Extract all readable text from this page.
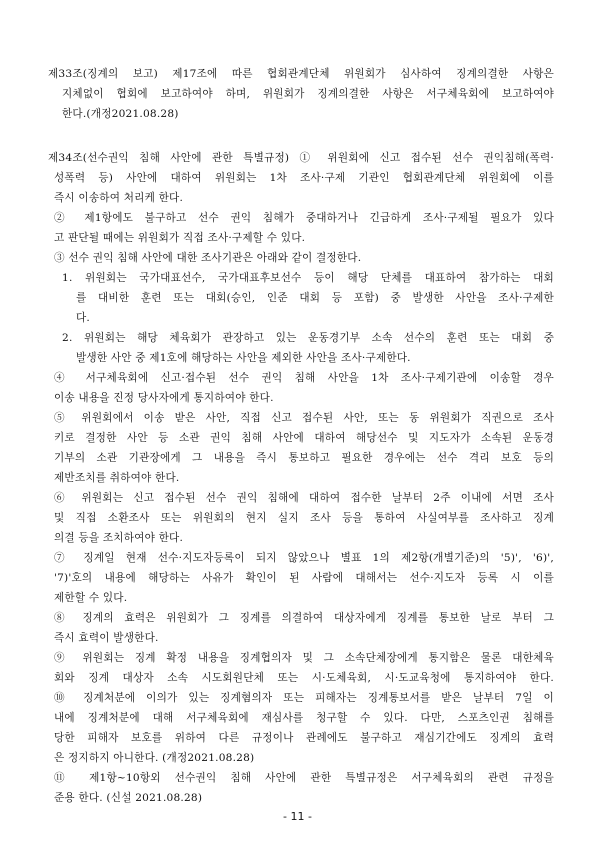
제33조(징계의 보고) 제17조에 따른 협회관계단체 위원회가 심사하여 징계의결한 사항은
지체없이 협회에 보고하여야 하며, 위원회가 징계의결한 사항은 서구체육회에 보고하여야
한다.(개정2021.08.28)
제34조(선수권익 침해 사안에 관한 특별규정) ① 위원회에 신고 접수된 선수 권익침해(폭력·
성폭력 등) 사안에 대하여 위원회는 1차 조사·구제 기관인 협회관계단체 위원회에 이를
즉시 이송하여 처리케 한다.
② 제1항에도 불구하고 선수 권익 침해가 중대하거나 긴급하게 조사·구제될 필요가 있다
고 판단될 때에는 위원회가 직접 조사·구제할 수 있다.
③ 선수 권익 침해 사안에 대한 조사기관은 아래와 같이 결정한다.
1. 위원회는 국가대표선수, 국가대표후보선수 등이 해당 단체를 대표하여 참가하는 대회
를 대비한 훈련 또는 대회(승인, 인준 대회 등 포함) 중 발생한 사안을 조사·구제한
다.
2. 위원회는 해당 체육회가 관장하고 있는 운동경기부 소속 선수의 훈련 또는 대회 중
발생한 사안 중 제1호에 해당하는 사안을 제외한 사안을 조사·구제한다.
④ 서구체육회에 신고·접수된 선수 권익 침해 사안을 1차 조사·구제기관에 이송할 경우
이송 내용을 진정 당사자에게 통지하여야 한다.
⑤ 위원회에서 이송 받은 사안, 직접 신고 접수된 사안, 또는 동 위원회가 직권으로 조사
키로 결정한 사안 등 소관 권익 침해 사안에 대하여 해당선수 및 지도자가 소속된 운동경
기부의 소관 기관장에게 그 내용을 즉시 통보하고 필요한 경우에는 선수 격리 보호 등의
제반조치를 취하여야 한다.
⑥ 위원회는 신고 접수된 선수 권익 침해에 대하여 접수한 날부터 2주 이내에 서면 조사
및 직접 소환조사 또는 위원회의 현지 실지 조사 등을 통하여 사실여부를 조사하고 징계
의결 등을 조치하여야 한다.
⑦ 징계일 현재 선수·지도자등록이 되지 않았으나 별표 1의 제2항(개별기준)의 '5)', '6)',
'7)'호의 내용에 해당하는 사유가 확인이 된 사람에 대해서는 선수·지도자 등록 시 이를
제한할 수 있다.
⑧ 징계의 효력은 위원회가 그 징계를 의결하여 대상자에게 징계를 통보한 날로 부터 그
즉시 효력이 발생한다.
⑨ 위원회는 징계 확정 내용을 징계협의자 및 그 소속단체장에게 통지함은 물론 대한체육
회와 징계 대상자 소속 시도회원단체 또는 시·도체육회, 시·도교육청에 통지하여야 한다.
⑩ 징계처분에 이의가 있는 징계혐의자 또는 피해자는 징계통보서를 받은 날부터 7일 이
내에 징계처분에 대해 서구체육회에 재심사를 청구할 수 있다. 다만, 스포츠인권 침해를
당한 피해자 보호를 위하여 다른 규정이나 관례에도 불구하고 재심기간에도 징계의 효력
은 정지하지 아니한다. (개정2021.08.28)
⑪ 제1항~10항외 선수권익 침해 사안에 관한 특별규정은 서구체육회의 관련 규정을
준용 한다. (신설 2021.08.28)
- 11 -
